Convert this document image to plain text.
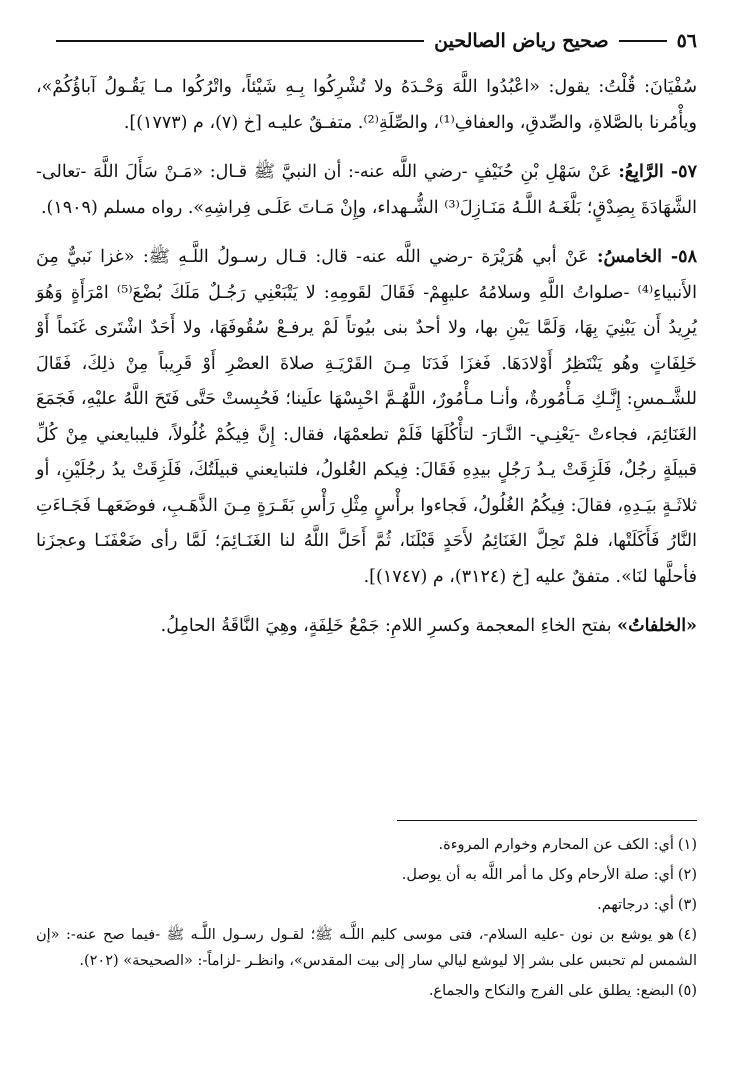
صحيح رياض الصالحين	٥٦

سُفْيَانَ: قُلْتُ: يقول: «اعْبُدُوا اللَّهَ وَحْـدَهُ ولا تُشْرِكُوا بِـهِ شَيْئاً، واتْرُكُوا مـا يَقُـولُ آباؤُكُمْ»، ويأْمُرنا بالصَّلاةِ، والصِّدقِ، والعفافِ⁽¹⁾، والصِّلَةِ⁽²⁾. متفـقٌ عليـه [خ (٧)، م (١٧٧٣)].

٥٧- الرَّابِعُ: عَنْ سَهْلِ بْنِ حُنَيْفٍ -رضي اللَّه عنه-: أن النبيَّ ﷺ قـال: «مَـنْ سَأَلَ اللَّهَ -تعالى- الشَّهَادَةَ بِصِدْقٍ؛ بَلَّغَـهُ اللَّـهُ مَنَـازِلَ⁽³⁾ الشُّـهداء، وإِنْ مَـاتَ عَلَـى فِراشِهِ». رواه مسلم (١٩٠٩).

٥٨- الخامسُ: عَنْ أبي هُرَيْرَة -رضي اللَّه عنه- قال: قـال رسـولُ اللَّـهِ ﷺ: «غزا نَبيٌّ مِنَ الأَنبياءِ⁽⁴⁾ -صلواتُ اللَّهِ وسلامُهُ عليهِمْ- فَقَالَ لقَومِهِ: لا يَتْبَعْنِي رَجُـلٌ مَلَكَ بُضْعَ⁽⁵⁾ امْرَأَةٍ وَهُوَ يُرِيدُ أَن يَبْنِيَ بِهَا، وَلَمَّا يَبْنِ بها، ولا أحدٌ بنى بيُوتاً لَمْ يرفـعْ سُقُوفَهَا، ولا أَحَدٌ اشْتَرى غَنَماً أَوْ خَلِفَاتٍ وهُو يَنْتَظِرُ أَوْلادَهَا. فَغزَا فَدَنَا مِـنَ القَرْيَـةِ صلاةَ العصْرِ أَوْ قَرِيباً مِنْ ذلِكَ، فَقَالَ للشَّـمسِ: إِنَّـكِ مَـأْمُورةٌ، وأنـا مـأْمُورٌ، اللَّهُـمَّ احْبِسْهَا علَينا؛ فَحُبِستْ حَتَّى فَتَحَ اللَّهُ عليْهِ، فَجَمَعَ الغَنَائِمَ، فجاءتْ -يَعْنِـي- النَّـارَ- لتأْكُلَهَا فَلَمْ تطعمْهَا، فقال: إِنَّ فِيكُمْ غُلُولاً، فليبايعني مِنْ كُلِّ قبيلَةٍ رجُلٌ، فَلَزِقَتْ يـدُ رَجُلٍ بيدِهِ فَقَالَ: فِيكم الغُلولُ، فلتبايعني قبيلَتُكَ، فَلَزِقَتْ يدُ رجُلَيْنِ، أو ثلاثَـةٍ بيَـدِهِ، فقالَ: فِيكُمُ الغُلُولُ، فَجاءوا برأْسٍ مِثْلِ رَأْسِ بَقَـرَةٍ مِـنَ الذَّهَـبِ، فوضَعَهـا فَجَـاءَتِ النَّارُ فَأَكَلَتْها، فلمْ تَحِلَّ الغَنَائِمُ لأَحَدٍ قَبْلَنَا، ثُمَّ أَحَلَّ اللَّهُ لنا الغَنَـائِمَ؛ لَمَّا رأى ضَعْفَنَـا وعجزَنا فأحلَّها لنَا». متفقٌ عليه [خ (٣١٢٤)، م (١٧٤٧)].

«الخلفاتُ» بفتح الخاءِ المعجمة وكسرِ اللامِ: جَمْعُ خَلِفَةٍ، وهِيَ النَّاقَةُ الحامِلُ.

(١)أي: الكف عن المحارم وخوارم المروءة.

(٢)أي: صلة الأرحام وكل ما أمر اللَّه به أن يوصل.

(٣)أي: درجاتهم.

(٤)هو يوشع بن نون -عليه السلام-، فتى موسى كليم اللَّـه ﷺ؛ لقـول رسـول اللَّـه ﷺ -فيما صح عنه-: «إن الشمس لم تحبس على بشر إلا ليوشع ليالي سار إلى بيت المقدس»، وانظـر -لزاماً-: «الصحيحة» (٢٠٢).

(٥)البضع: يطلق على الفرج والنكاح والجماع.
